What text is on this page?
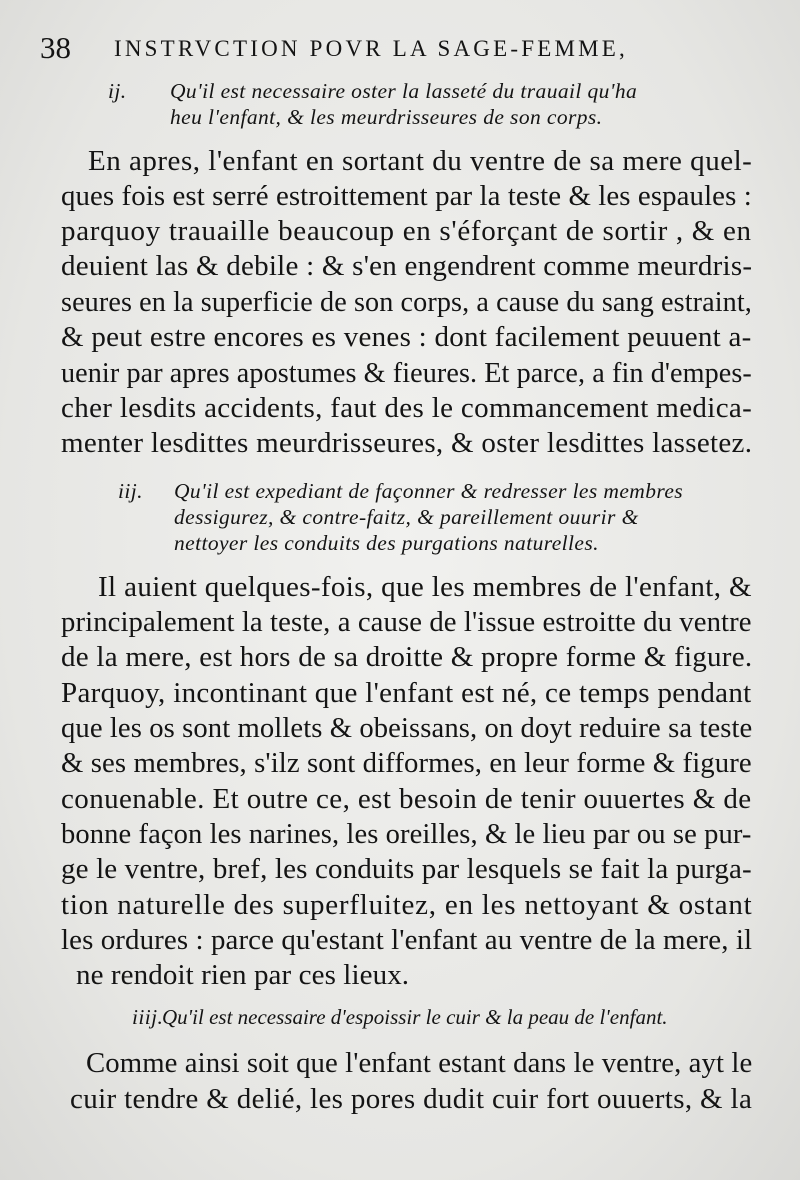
38 INSTRVCTION POVR LA SAGE-FEMME,
ij. Qu'il est necessaire oster la lasseté du trauail qu'ha
heu l'enfant, & les meurdrisseures de son corps.
En apres, l'enfant en sortant du ventre de sa mere quel-
ques fois est serré estroittement par la teste & les espaules :
parquoy trauaille beaucoup en s'éforçant de sortir , & en
deuient las & debile : & s'en engendrent comme meurdris-
seures en la superficie de son corps, a cause du sang estraint,
& peut estre encores es venes : dont facilement peuuent a-
uenir par apres apostumes & fieures. Et parce, a fin d'empes-
cher lesdits accidents, faut des le commancement medica-
menter lesdittes meurdrisseures, & oster lesdittes lassetez.
iij. Qu'il est expediant de façonner & redresser les membres
dessigurez, & contre-faitz, & pareillement ouurir &
nettoyer les conduits des purgations naturelles.
Il auient quelques-fois, que les membres de l'enfant, &
principalement la teste, a cause de l'issue estroitte du ventre
de la mere, est hors de sa droitte & propre forme & figure.
Parquoy, incontinant que l'enfant est né, ce temps pendant
que les os sont mollets & obeissans, on doyt reduire sa teste
& ses membres, s'ilz sont difformes, en leur forme & figure
conuenable. Et outre ce, est besoin de tenir ouuertes & de
bonne façon les narines, les oreilles, & le lieu par ou se pur-
ge le ventre, bref, les conduits par lesquels se fait la purga-
tion naturelle des superfluitez, en les nettoyant & ostant
les ordures : parce qu'estant l'enfant au ventre de la mere, il
ne rendoit rien par ces lieux.
iiij.
Qu'il est necessaire d'espoissir le cuir & la peau de l'enfant.
Comme ainsi soit que l'enfant estant dans le ventre, ayt le
cuir tendre & delié, les pores dudit cuir fort ouuerts, & la
